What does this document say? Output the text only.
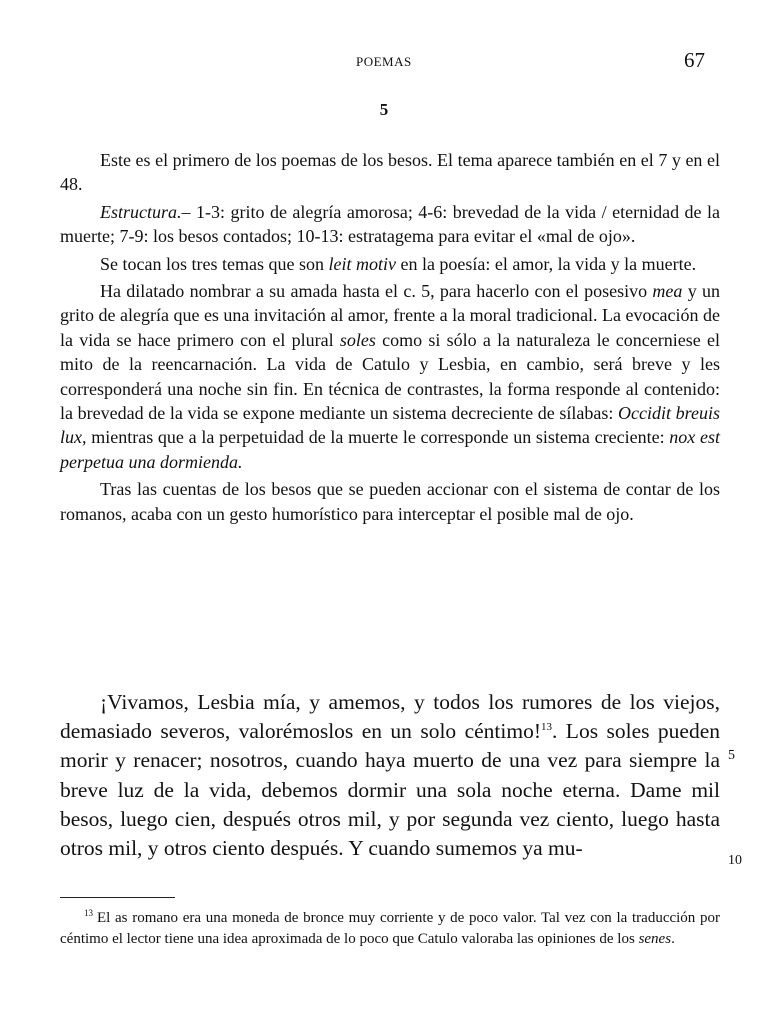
POEMAS	67
5

Este es el primero de los poemas de los besos. El tema aparece también en el 7 y en el 48.

Estructura.– 1-3: grito de alegría amorosa; 4-6: brevedad de la vida / eternidad de la muerte; 7-9: los besos contados; 10-13: estratagema para evitar el «mal de ojo».

Se tocan los tres temas que son leit motiv en la poesía: el amor, la vida y la muerte.

Ha dilatado nombrar a su amada hasta el c. 5, para hacerlo con el posesivo mea y un grito de alegría que es una invitación al amor, frente a la moral tradicional. La evocación de la vida se hace primero con el plural soles como si sólo a la naturaleza le concerniese el mito de la reencarnación. La vida de Catulo y Lesbia, en cambio, será breve y les corresponderá una noche sin fin. En técnica de contrastes, la forma responde al contenido: la brevedad de la vida se expone mediante un sistema decreciente de sílabas: Occidit breuis lux, mientras que a la perpetuidad de la muerte le corresponde un sistema creciente: nox est perpetua una dormienda.

Tras las cuentas de los besos que se pueden accionar con el sistema de contar de los romanos, acaba con un gesto humorístico para interceptar el posible mal de ojo.

¡Vivamos, Lesbia mía, y amemos, y todos los rumores de los viejos, demasiado severos, valorémoslos en un solo céntimo!$^{13}$. Los soles pueden morir y renacer; nosotros, cuando haya muerto de una vez para siempre la breve luz de la vida, debemos dormir una sola noche eterna. Dame mil besos, luego cien, después otros mil, y por segunda vez ciento, luego hasta otros mil, y otros ciento después. Y cuando sumemos ya mu-

5
10

$^{13}$ El as romano era una moneda de bronce muy corriente y de poco valor. Tal vez con la traducción por céntimo el lector tiene una idea aproximada de lo poco que Catulo valoraba las opiniones de los senes.
